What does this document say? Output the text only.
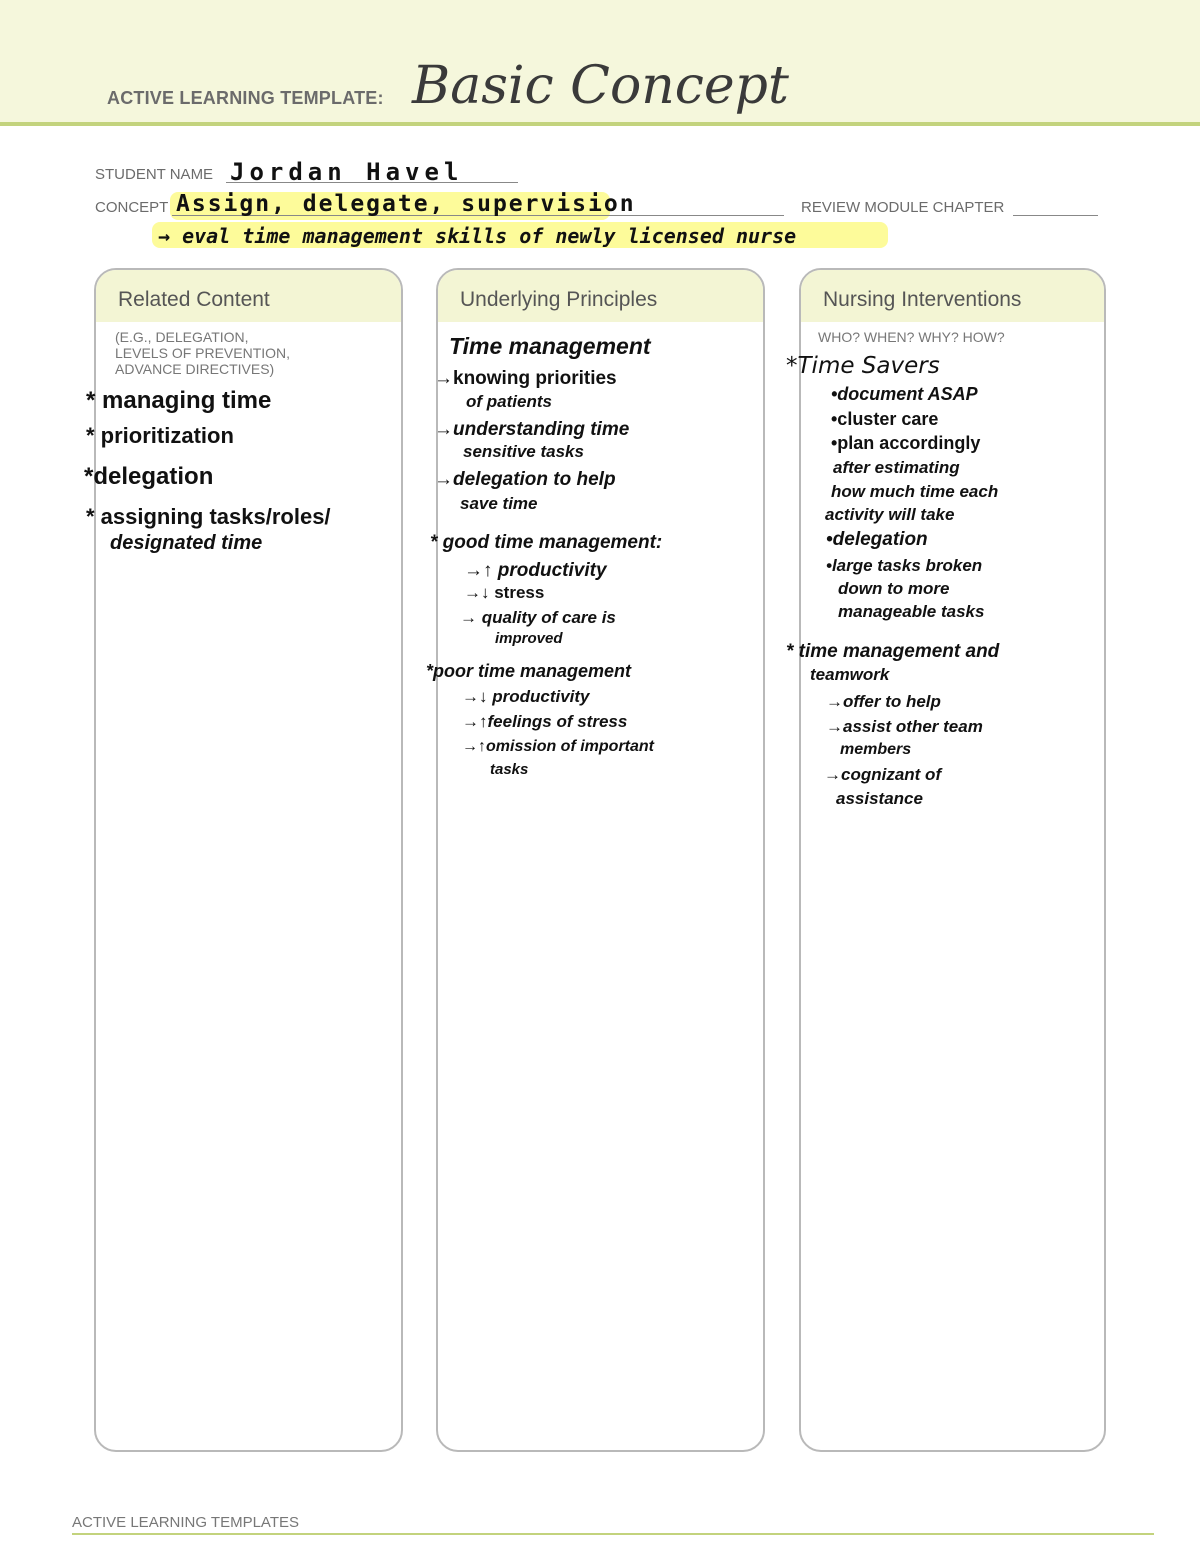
ACTIVE LEARNING TEMPLATE: Basic Concept
STUDENT NAME Jordan Havel
CONCEPT Assign, delegate, supervision	REVIEW MODULE CHAPTER
→ eval time management skills of newly licensed nurse
Related Content
(E.G., DELEGATION,
LEVELS OF PREVENTION,
ADVANCE DIRECTIVES)
* managing time
* prioritization
*delegation
* assigning tasks/roles/
designated time
Underlying Principles
Time management
→knowing priorities
of patients
→understanding time
sensitive tasks
→delegation to help
save time
* good time management:
→↑ productivity
→↓ stress
→ quality of care is
improved
*poor time management
→↓ productivity
→↑feelings of stress
→↑omission of important
tasks
Nursing Interventions
WHO? WHEN? WHY? HOW?
*Time Savers
•document ASAP
•cluster care
•plan accordingly
after estimating
how much time each
activity will take
•delegation
•large tasks broken
down to more
manageable tasks
* time management and
teamwork
→offer to help
→assist other team
members
→cognizant of
assistance
ACTIVE LEARNING TEMPLATES
